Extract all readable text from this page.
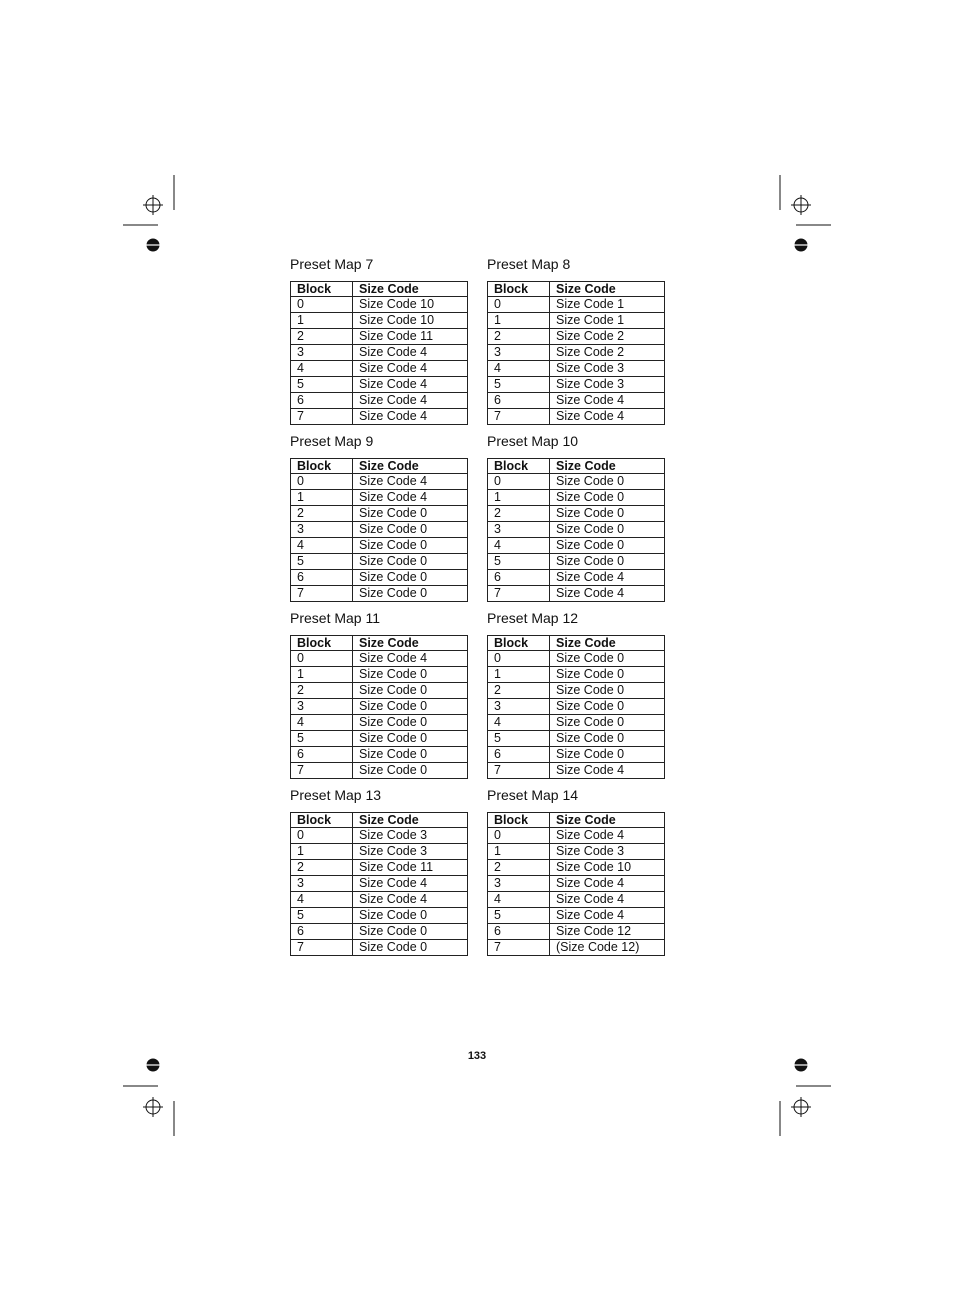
Preset Map 7
Block	Size Code
0	Size Code 10
1	Size Code 10
2	Size Code 11
3	Size Code 4
4	Size Code 4
5	Size Code 4
6	Size Code 4
7	Size Code 4
Preset Map 8
Block	Size Code
0	Size Code 1
1	Size Code 1
2	Size Code 2
3	Size Code 2
4	Size Code 3
5	Size Code 3
6	Size Code 4
7	Size Code 4
Preset Map 9
Block	Size Code
0	Size Code 4
1	Size Code 4
2	Size Code 0
3	Size Code 0
4	Size Code 0
5	Size Code 0
6	Size Code 0
7	Size Code 0
Preset Map 10
Block	Size Code
0	Size Code 0
1	Size Code 0
2	Size Code 0
3	Size Code 0
4	Size Code 0
5	Size Code 0
6	Size Code 4
7	Size Code 4
Preset Map 11
Block	Size Code
0	Size Code 4
1	Size Code 0
2	Size Code 0
3	Size Code 0
4	Size Code 0
5	Size Code 0
6	Size Code 0
7	Size Code 0
Preset Map 12
Block	Size Code
0	Size Code 0
1	Size Code 0
2	Size Code 0
3	Size Code 0
4	Size Code 0
5	Size Code 0
6	Size Code 0
7	Size Code 4
Preset Map 13
Block	Size Code
0	Size Code 3
1	Size Code 3
2	Size Code 11
3	Size Code 4
4	Size Code 4
5	Size Code 0
6	Size Code 0
7	Size Code 0
Preset Map 14
Block	Size Code
0	Size Code 4
1	Size Code 3
2	Size Code 10
3	Size Code 4
4	Size Code 4
5	Size Code 4
6	Size Code 12
7	(Size Code 12)
133
